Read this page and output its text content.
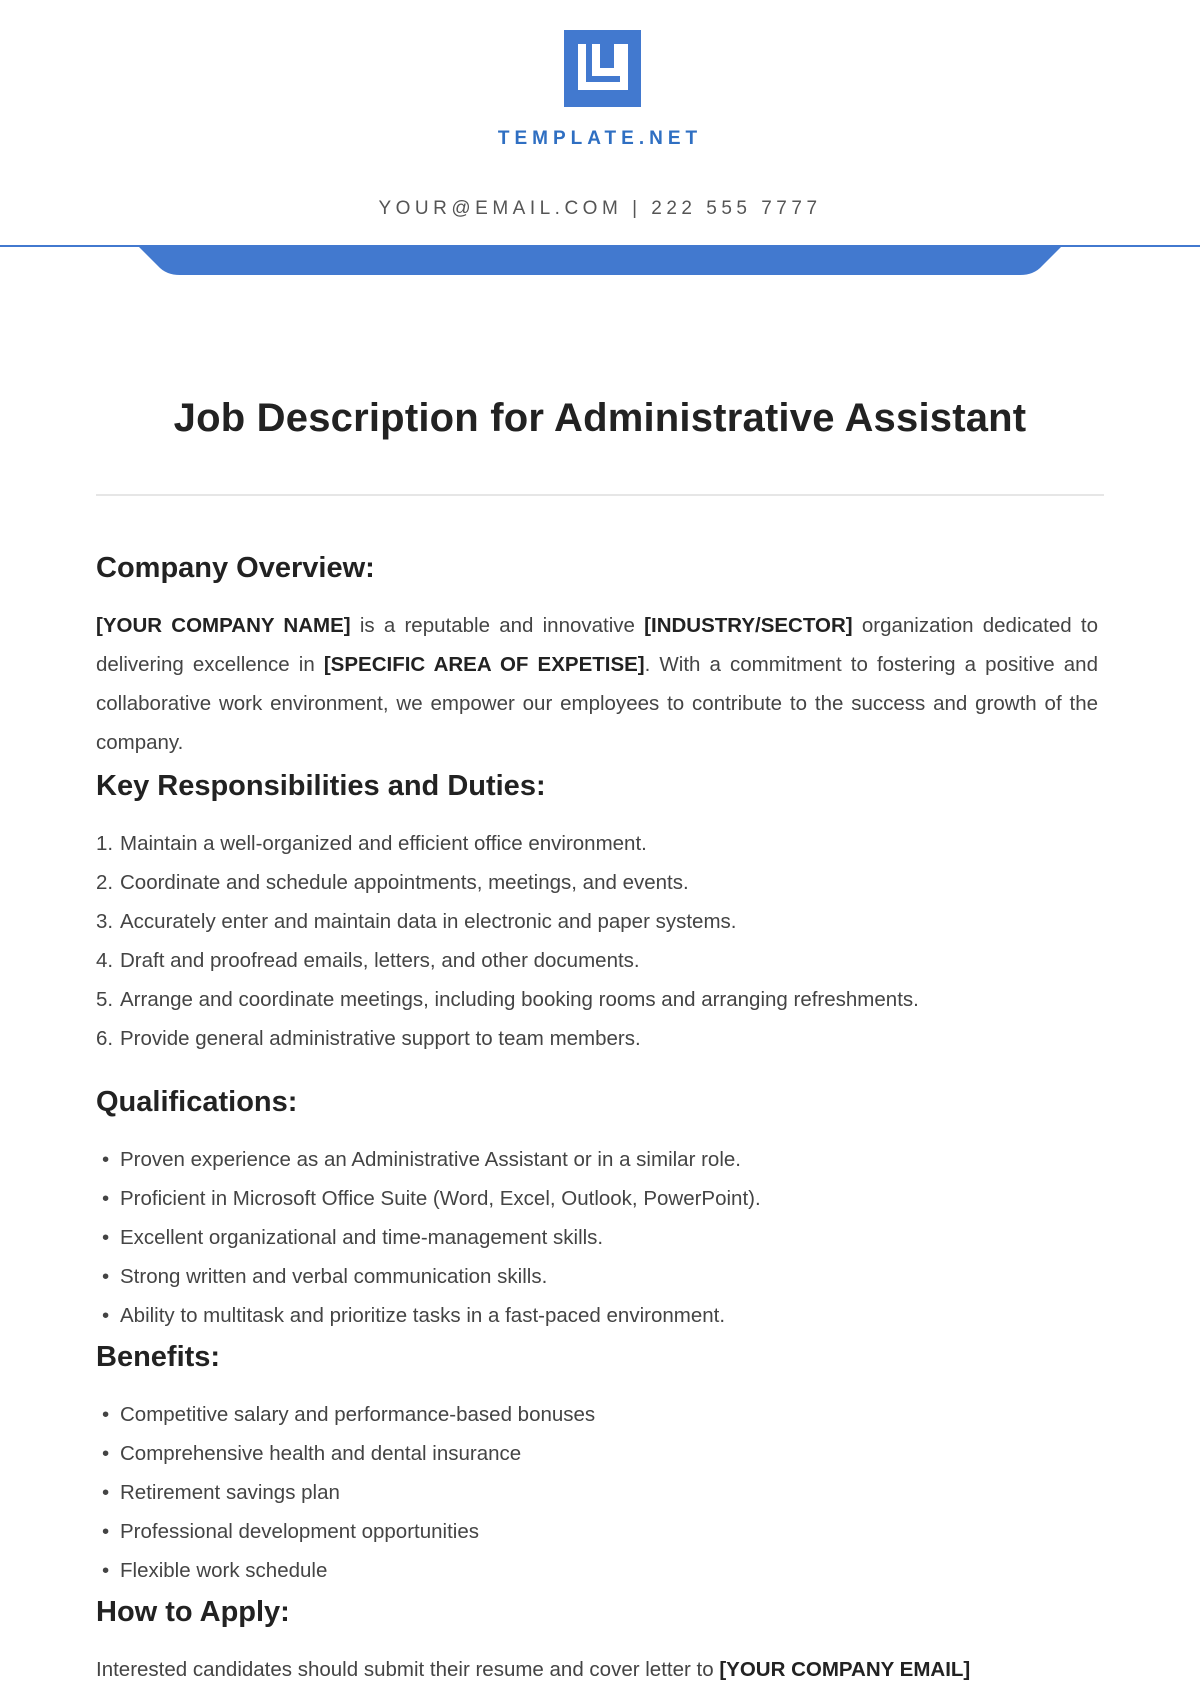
TEMPLATE.NET
YOUR@EMAIL.COM | 222 555 7777
Job Description for Administrative Assistant
Company Overview:

[YOUR COMPANY NAME] is a reputable and innovative [INDUSTRY/SECTOR] organization dedicated to delivering excellence in [SPECIFIC AREA OF EXPETISE]. With a commitment to fostering a positive and collaborative work environment, we empower our employees to contribute to the success and growth of the company.

Key Responsibilities and Duties:
1. Maintain a well-organized and efficient office environment.
2. Coordinate and schedule appointments, meetings, and events.
3. Accurately enter and maintain data in electronic and paper systems.
4. Draft and proofread emails, letters, and other documents.
5. Arrange and coordinate meetings, including booking rooms and arranging refreshments.
6. Provide general administrative support to team members.
Qualifications:
• Proven experience as an Administrative Assistant or in a similar role.
• Proficient in Microsoft Office Suite (Word, Excel, Outlook, PowerPoint).
• Excellent organizational and time-management skills.
• Strong written and verbal communication skills.
• Ability to multitask and prioritize tasks in a fast-paced environment.
Benefits:
• Competitive salary and performance-based bonuses
• Comprehensive health and dental insurance
• Retirement savings plan
• Professional development opportunities
• Flexible work schedule
How to Apply:

Interested candidates should submit their resume and cover letter to [YOUR COMPANY EMAIL]
